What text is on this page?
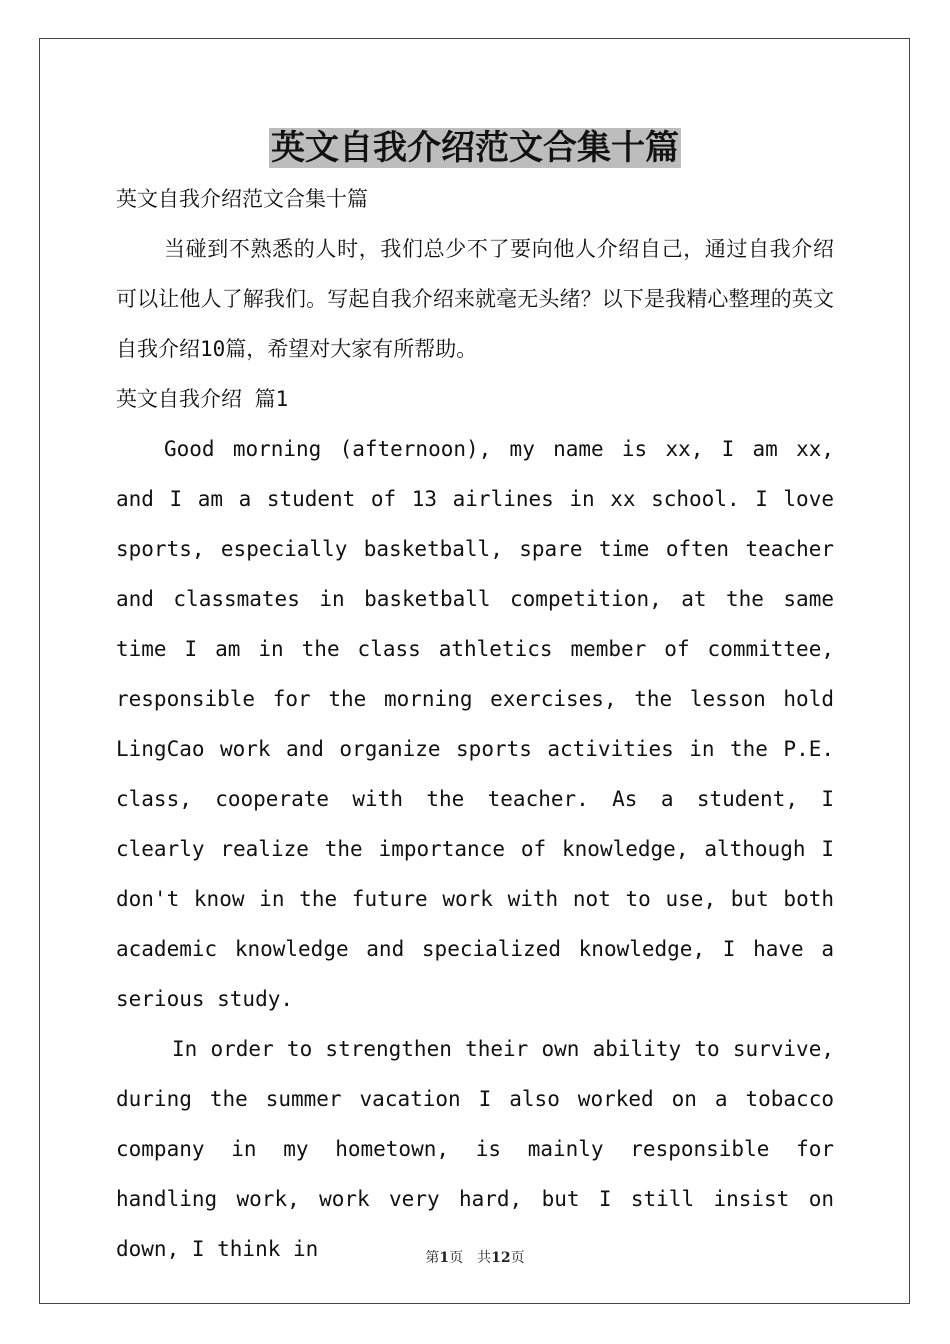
英文自我介绍范文合集十篇

英文自我介绍范文合集十篇

当碰到不熟悉的人时，我们总少不了要向他人介绍自己，通过自我介绍可以让他人了解我们。写起自我介绍来就毫无头绪？以下是我精心整理的英文自我介绍10篇，希望对大家有所帮助。

英文自我介绍 篇1

Good morning (afternoon), my name is xx, I am xx, and I am a student of 13 airlines in xx school. I love sports, especially basketball, spare time often teacher and classmates in basketball competition, at the same time I am in the class athletics member of committee, responsible for the morning exercises, the lesson hold LingCao work and organize sports activities in the P.E. class, cooperate with the teacher. As a student, I clearly realize the importance of knowledge, although I don't know in the future work with not to use, but both academic knowledge and specialized knowledge, I have a serious study.

In order to strengthen their own ability to survive, during the summer vacation I also worked on a tobacco company in my hometown, is mainly responsible for handling work, work very hard, but I still insist on down, I think in	第1页 共12页
